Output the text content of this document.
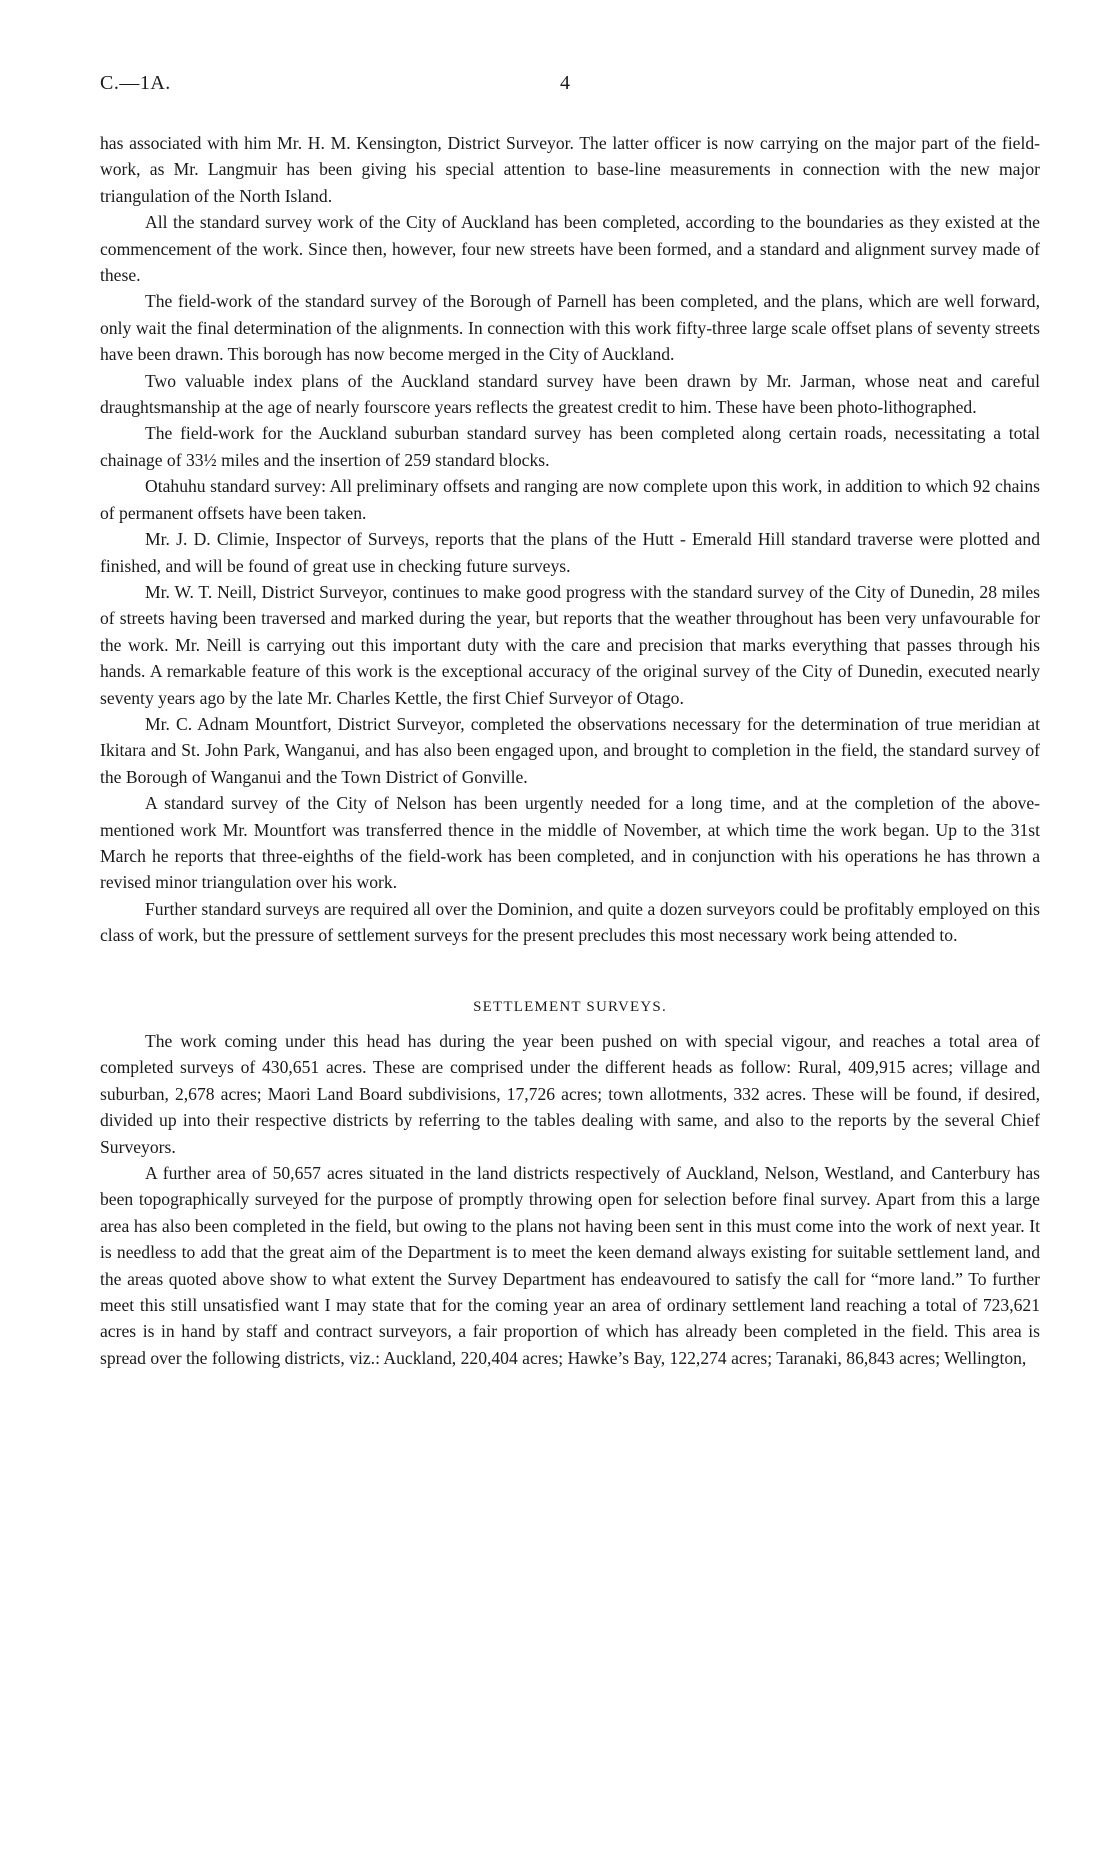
C.—1A.	4

has associated with him Mr. H. M. Kensington, District Surveyor. The latter officer is now carrying on the major part of the field-work, as Mr. Langmuir has been giving his special attention to base-line measurements in connection with the new major triangulation of the North Island.

All the standard survey work of the City of Auckland has been completed, according to the boundaries as they existed at the commencement of the work. Since then, however, four new streets have been formed, and a standard and alignment survey made of these.

The field-work of the standard survey of the Borough of Parnell has been completed, and the plans, which are well forward, only wait the final determination of the alignments. In connection with this work fifty-three large scale offset plans of seventy streets have been drawn. This borough has now become merged in the City of Auckland.

Two valuable index plans of the Auckland standard survey have been drawn by Mr. Jarman, whose neat and careful draughtsmanship at the age of nearly fourscore years reflects the greatest credit to him. These have been photo-lithographed.

The field-work for the Auckland suburban standard survey has been completed along certain roads, necessitating a total chainage of 33½ miles and the insertion of 259 standard blocks.

Otahuhu standard survey: All preliminary offsets and ranging are now complete upon this work, in addition to which 92 chains of permanent offsets have been taken.

Mr. J. D. Climie, Inspector of Surveys, reports that the plans of the Hutt - Emerald Hill standard traverse were plotted and finished, and will be found of great use in checking future surveys.

Mr. W. T. Neill, District Surveyor, continues to make good progress with the standard survey of the City of Dunedin, 28 miles of streets having been traversed and marked during the year, but reports that the weather throughout has been very unfavourable for the work. Mr. Neill is carrying out this important duty with the care and precision that marks everything that passes through his hands. A remarkable feature of this work is the exceptional accuracy of the original survey of the City of Dunedin, executed nearly seventy years ago by the late Mr. Charles Kettle, the first Chief Surveyor of Otago.

Mr. C. Adnam Mountfort, District Surveyor, completed the observations necessary for the determination of true meridian at Ikitara and St. John Park, Wanganui, and has also been engaged upon, and brought to completion in the field, the standard survey of the Borough of Wanganui and the Town District of Gonville.

A standard survey of the City of Nelson has been urgently needed for a long time, and at the completion of the above-mentioned work Mr. Mountfort was transferred thence in the middle of November, at which time the work began. Up to the 31st March he reports that three-eighths of the field-work has been completed, and in conjunction with his operations he has thrown a revised minor triangulation over his work.

Further standard surveys are required all over the Dominion, and quite a dozen surveyors could be profitably employed on this class of work, but the pressure of settlement surveys for the present precludes this most necessary work being attended to.

SETTLEMENT SURVEYS.

The work coming under this head has during the year been pushed on with special vigour, and reaches a total area of completed surveys of 430,651 acres. These are comprised under the different heads as follow: Rural, 409,915 acres; village and suburban, 2,678 acres; Maori Land Board subdivisions, 17,726 acres; town allotments, 332 acres. These will be found, if desired, divided up into their respective districts by referring to the tables dealing with same, and also to the reports by the several Chief Surveyors.

A further area of 50,657 acres situated in the land districts respectively of Auckland, Nelson, Westland, and Canterbury has been topographically surveyed for the purpose of promptly throwing open for selection before final survey. Apart from this a large area has also been completed in the field, but owing to the plans not having been sent in this must come into the work of next year. It is needless to add that the great aim of the Department is to meet the keen demand always existing for suitable settlement land, and the areas quoted above show to what extent the Survey Department has endeavoured to satisfy the call for “more land.” To further meet this still unsatisfied want I may state that for the coming year an area of ordinary settlement land reaching a total of 723,621 acres is in hand by staff and contract surveyors, a fair proportion of which has already been completed in the field. This area is spread over the following districts, viz.: Auckland, 220,404 acres; Hawke’s Bay, 122,274 acres; Taranaki, 86,843 acres; Wellington,
